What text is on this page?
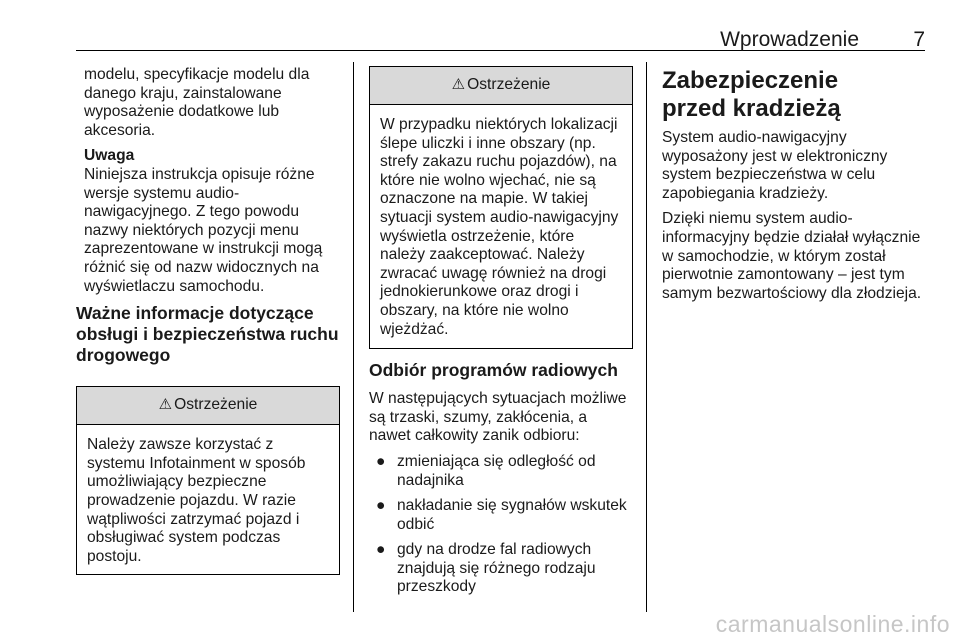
Wprowadzenie	7

modelu, specyfikacje modelu dla danego kraju, zainstalowane wyposażenie dodatkowe lub akcesoria.

Uwaga

Niniejsza instrukcja opisuje różne wersje systemu audio-nawigacyjnego. Z tego powodu nazwy niektórych pozycji menu zaprezentowane w instrukcji mogą różnić się od nazw widocznych na wyświetlaczu samochodu.

Ważne informacje dotyczące obsługi i bezpieczeństwa ruchu drogowego
⚠ Ostrzeżenie
Należy zawsze korzystać z systemu Infotainment w sposób umożliwiający bezpieczne prowadzenie pojazdu. W razie wątpliwości zatrzymać pojazd i obsługiwać system podczas postoju.
⚠ Ostrzeżenie
W przypadku niektórych lokalizacji ślepe uliczki i inne obszary (np. strefy zakazu ruchu pojazdów), na które nie wolno wjechać, nie są oznaczone na mapie. W takiej sytuacji system audio-nawigacyjny wyświetla ostrzeżenie, które należy zaakceptować. Należy zwracać uwagę również na drogi jednokierunkowe oraz drogi i obszary, na które nie wolno wjeżdżać.
Odbiór programów radiowych

W następujących sytuacjach możliwe są trzaski, szumy, zakłócenia, a nawet całkowity zanik odbioru:

● zmieniająca się odległość od nadajnika
● nakładanie się sygnałów wskutek odbić
● gdy na drodze fal radiowych znajdują się różnego rodzaju przeszkody
Zabezpieczenie przed kradzieżą

System audio-nawigacyjny wyposażony jest w elektroniczny system bezpieczeństwa w celu zapobiegania kradzieży.

Dzięki niemu system audio-informacyjny będzie działał wyłącznie w samochodzie, w którym został pierwotnie zamontowany – jest tym samym bezwartościowy dla złodzieja.

carmanualsonline.info
